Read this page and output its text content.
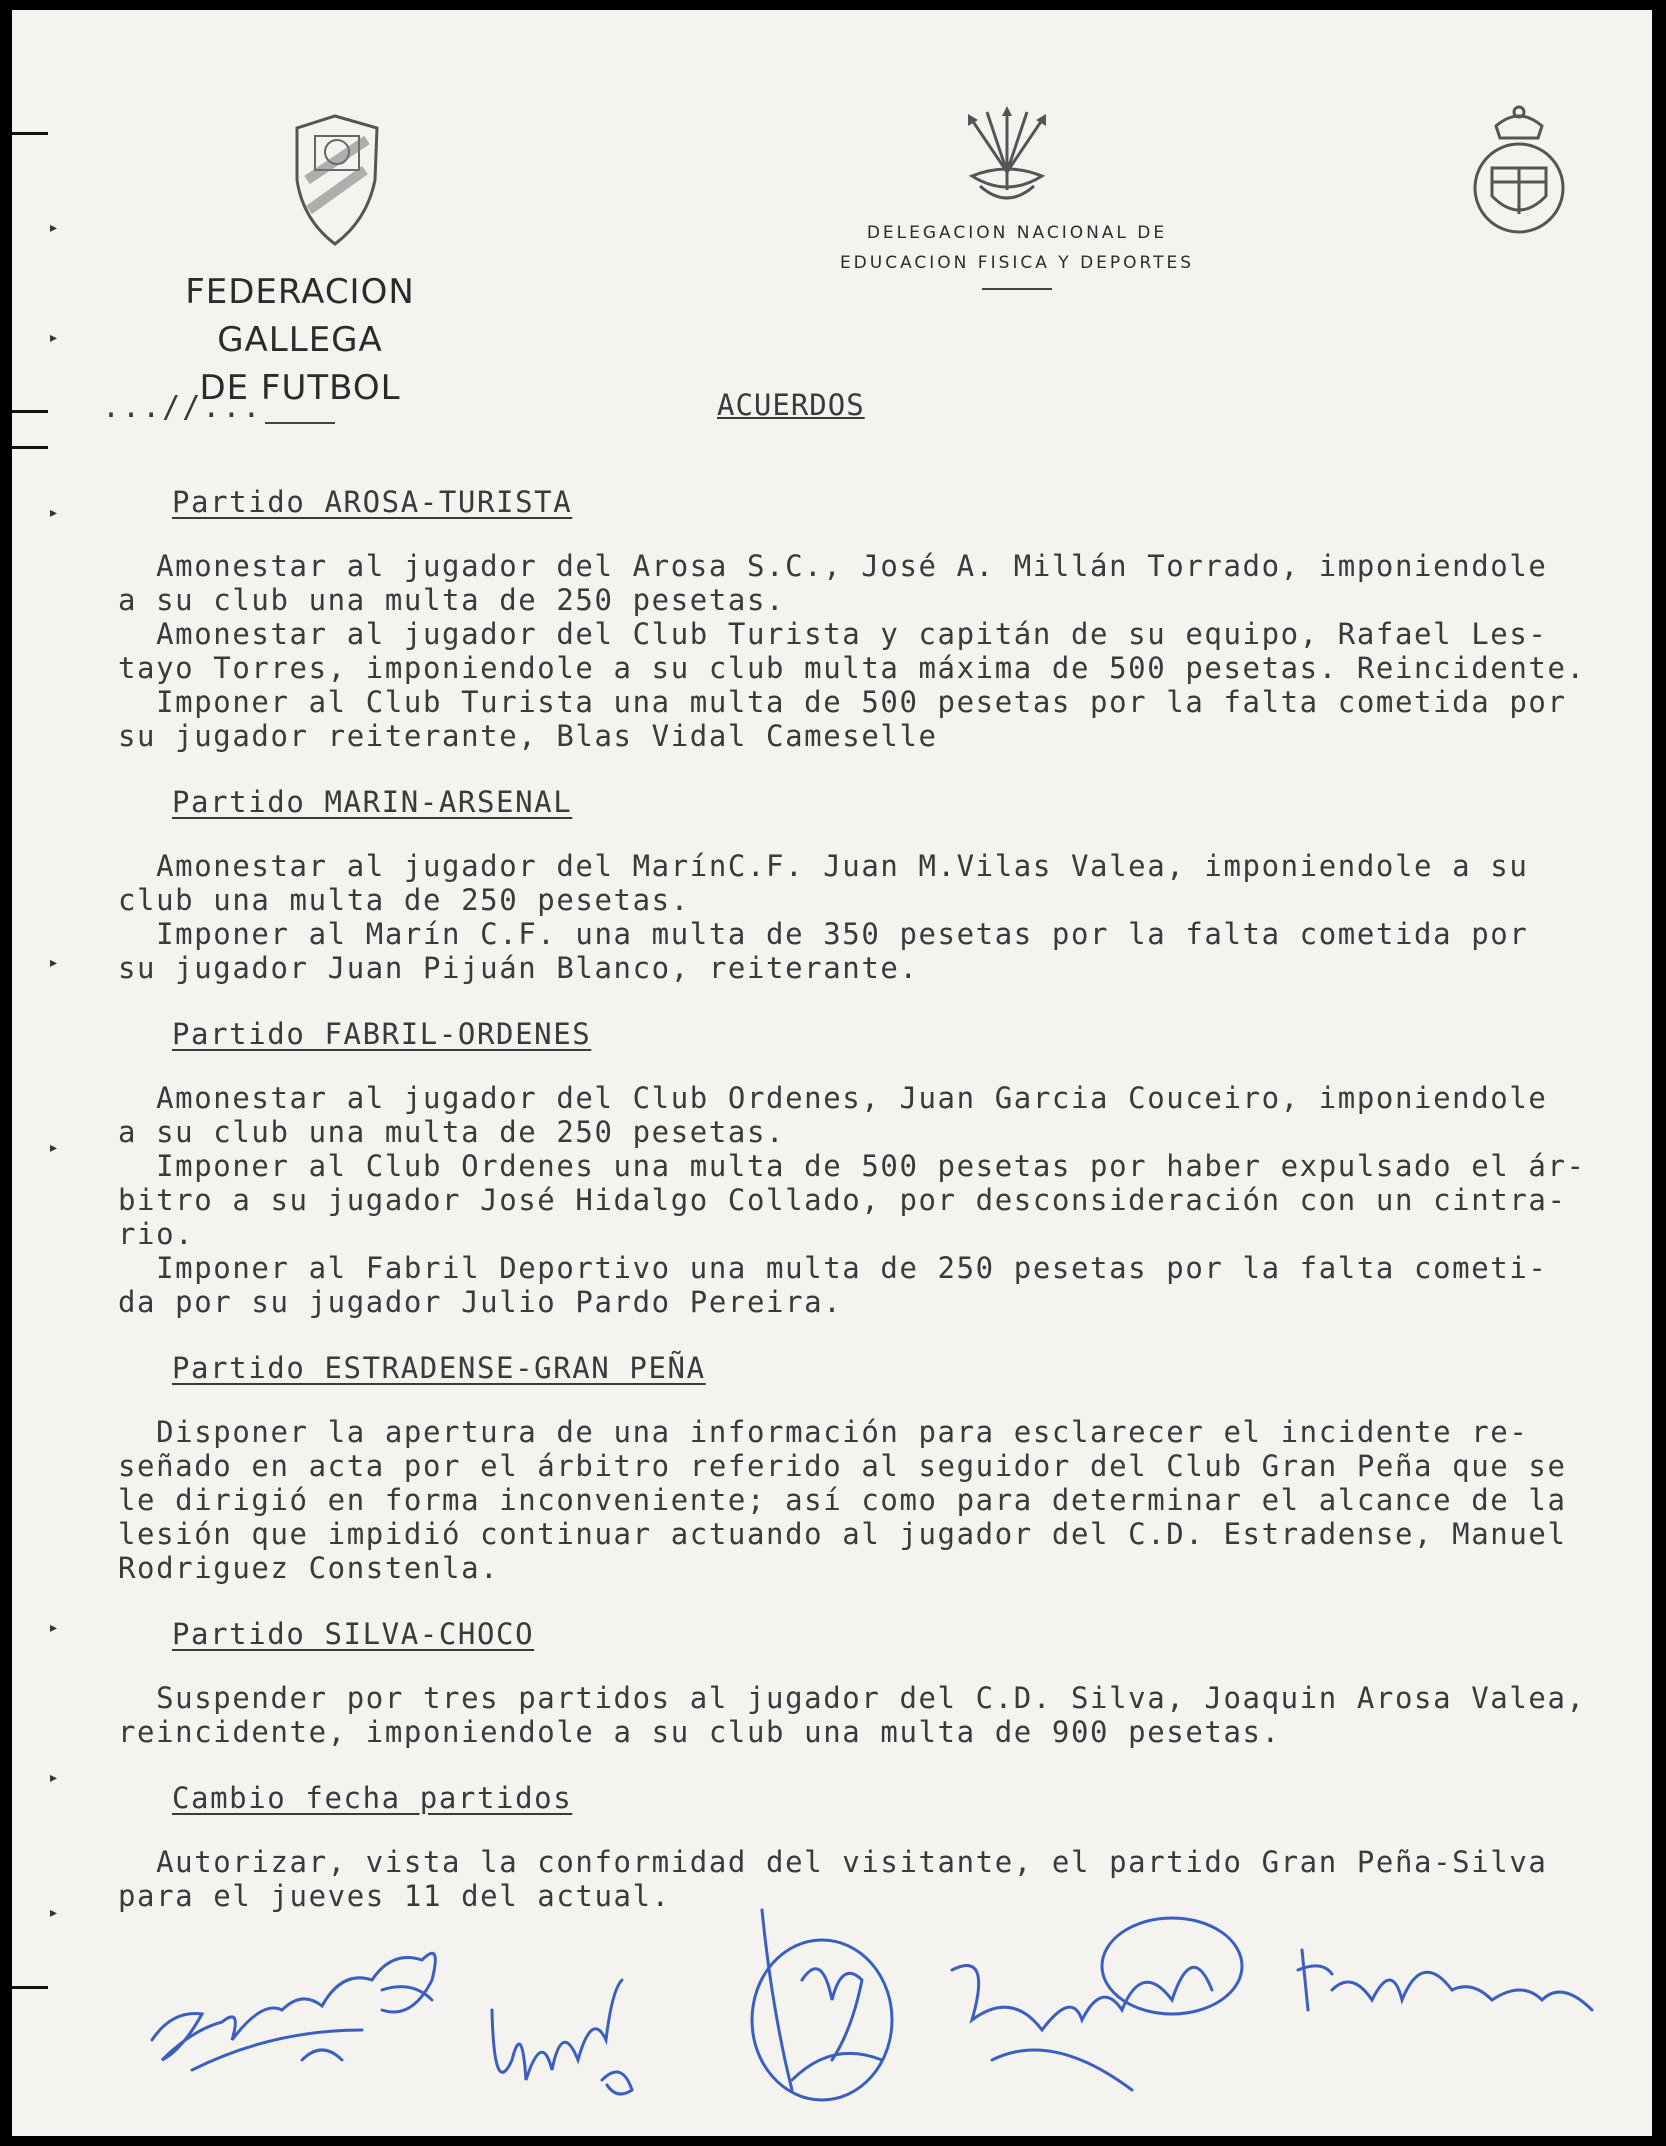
▸
▸
▸
▸
▸
▸
▸
▸
FEDERACION GALLEGA
DE FUTBOL
DELEGACION NACIONAL DE
EDUCACION FISICA Y DEPORTES
...//...	ACUERDOS
Partido AROSA-TURISTA

Amonestar al jugador del Arosa S.C., José A. Millán Torrado, imponiendole

a su club una multa de 250 pesetas.

Amonestar al jugador del Club Turista y capitán de su equipo, Rafael Les-

tayo Torres, imponiendole a su club multa máxima de 500 pesetas. Reincidente.

Imponer al Club Turista una multa de 500 pesetas por la falta cometida por

su jugador reiterante, Blas Vidal Cameselle

Partido MARIN-ARSENAL

Amonestar al jugador del MarínC.F. Juan M.Vilas Valea, imponiendole a su

club una multa de 250 pesetas.

Imponer al Marín C.F. una multa de 350 pesetas por la falta cometida por

su jugador Juan Pijuán Blanco, reiterante.

Partido FABRIL-ORDENES

Amonestar al jugador del Club Ordenes, Juan Garcia Couceiro, imponiendole

a su club una multa de 250 pesetas.

Imponer al Club Ordenes una multa de 500 pesetas por haber expulsado el ár-

bitro a su jugador José Hidalgo Collado, por desconsideración con un cintra-

rio.

Imponer al Fabril Deportivo una multa de 250 pesetas por la falta cometi-

da por su jugador Julio Pardo Pereira.

Partido ESTRADENSE-GRAN PEÑA

Disponer la apertura de una información para esclarecer el incidente re-

señado en acta por el árbitro referido al seguidor del Club Gran Peña que se

le dirigió en forma inconveniente; así como para determinar el alcance de la

lesión que impidió continuar actuando al jugador del C.D. Estradense, Manuel

Rodriguez Constenla.

Partido SILVA-CHOCO

Suspender por tres partidos al jugador del C.D. Silva, Joaquin Arosa Valea,

reincidente, imponiendole a su club una multa de 900 pesetas.

Cambio fecha partidos

Autorizar, vista la conformidad del visitante, el partido Gran Peña-Silva

para el jueves 11 del actual.
